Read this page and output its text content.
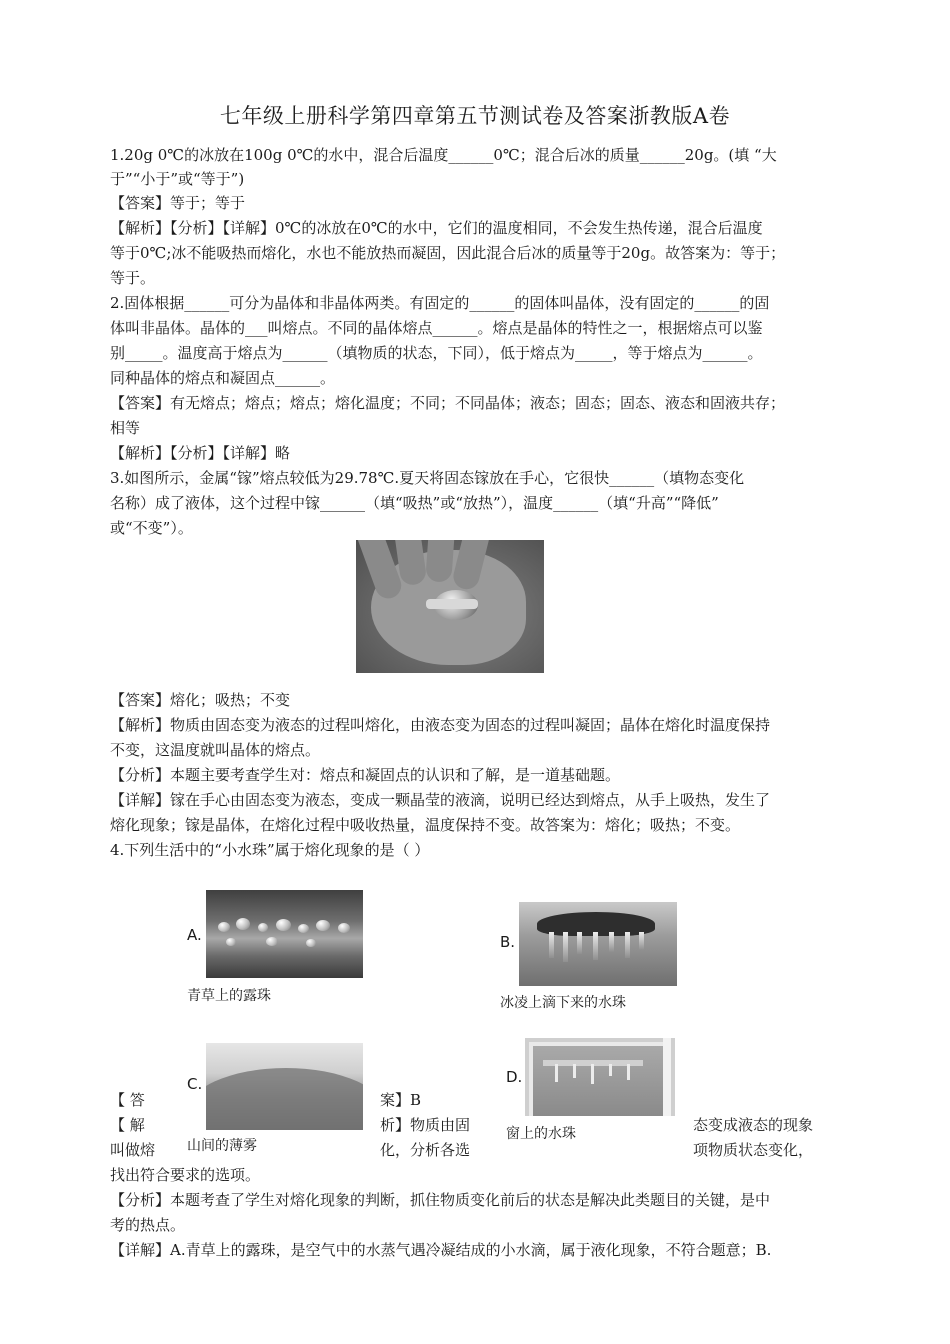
七年级上册科学第四章第五节测试卷及答案浙教版A卷
1.20g 0℃的冰放在100g 0℃的水中，混合后温度______0℃；混合后冰的质量______20g。(填 “大
于”“小于”或“等于”)
【答案】等于；等于
【解析】【分析】【详解】0℃的冰放在0℃的水中，它们的温度相同，不会发生热传递，混合后温度
等于0℃;冰不能吸热而熔化，水也不能放热而凝固，因此混合后冰的质量等于20g。故答案为：等于；
等于。
2.固体根据______可分为晶体和非晶体两类。有固定的______的固体叫晶体，没有固定的______的固
体叫非晶体。晶体的___叫熔点。不同的晶体熔点______。熔点是晶体的特性之一，根据熔点可以鉴
别_____。温度高于熔点为______（填物质的状态，下同），低于熔点为_____，等于熔点为______。
同种晶体的熔点和凝固点______。
【答案】有无熔点；熔点；熔点；熔化温度；不同；不同晶体；液态；固态；固态、液态和固液共存；
相等
【解析】【分析】【详解】略
3.如图所示，金属“镓”熔点较低为29.78℃.夏天将固态镓放在手心，它很快______（填物态变化
名称）成了液体，这个过程中镓______（填“吸热”或“放热”），温度______（填“升高”“降低”
或“不变”）。
【答案】熔化；吸热；不变
【解析】物质由固态变为液态的过程叫熔化，由液态变为固态的过程叫凝固；晶体在熔化时温度保持
不变，这温度就叫晶体的熔点。
【分析】本题主要考查学生对：熔点和凝固点的认识和了解，是一道基础题。
【详解】镓在手心由固态变为液态，变成一颗晶莹的液滴，说明已经达到熔点，从手上吸热，发生了
熔化现象；镓是晶体，在熔化过程中吸收热量，温度保持不变。故答案为：熔化；吸热；不变。
4.下列生活中的“小水珠”属于熔化现象的是（ ）
A.
青草上的露珠
B.
冰凌上滴下来的水珠
C.
山间的薄雾
D.
窗上的水珠
【 答	案】B
【 解	析】物质由固	态变成液态的现象
叫做熔	化，分析各选	项物质状态变化，
找出符合要求的选项。
【分析】本题考查了学生对熔化现象的判断，抓住物质变化前后的状态是解决此类题目的关键，是中
考的热点。
【详解】A.青草上的露珠，是空气中的水蒸气遇冷凝结成的小水滴，属于液化现象，不符合题意；B.
